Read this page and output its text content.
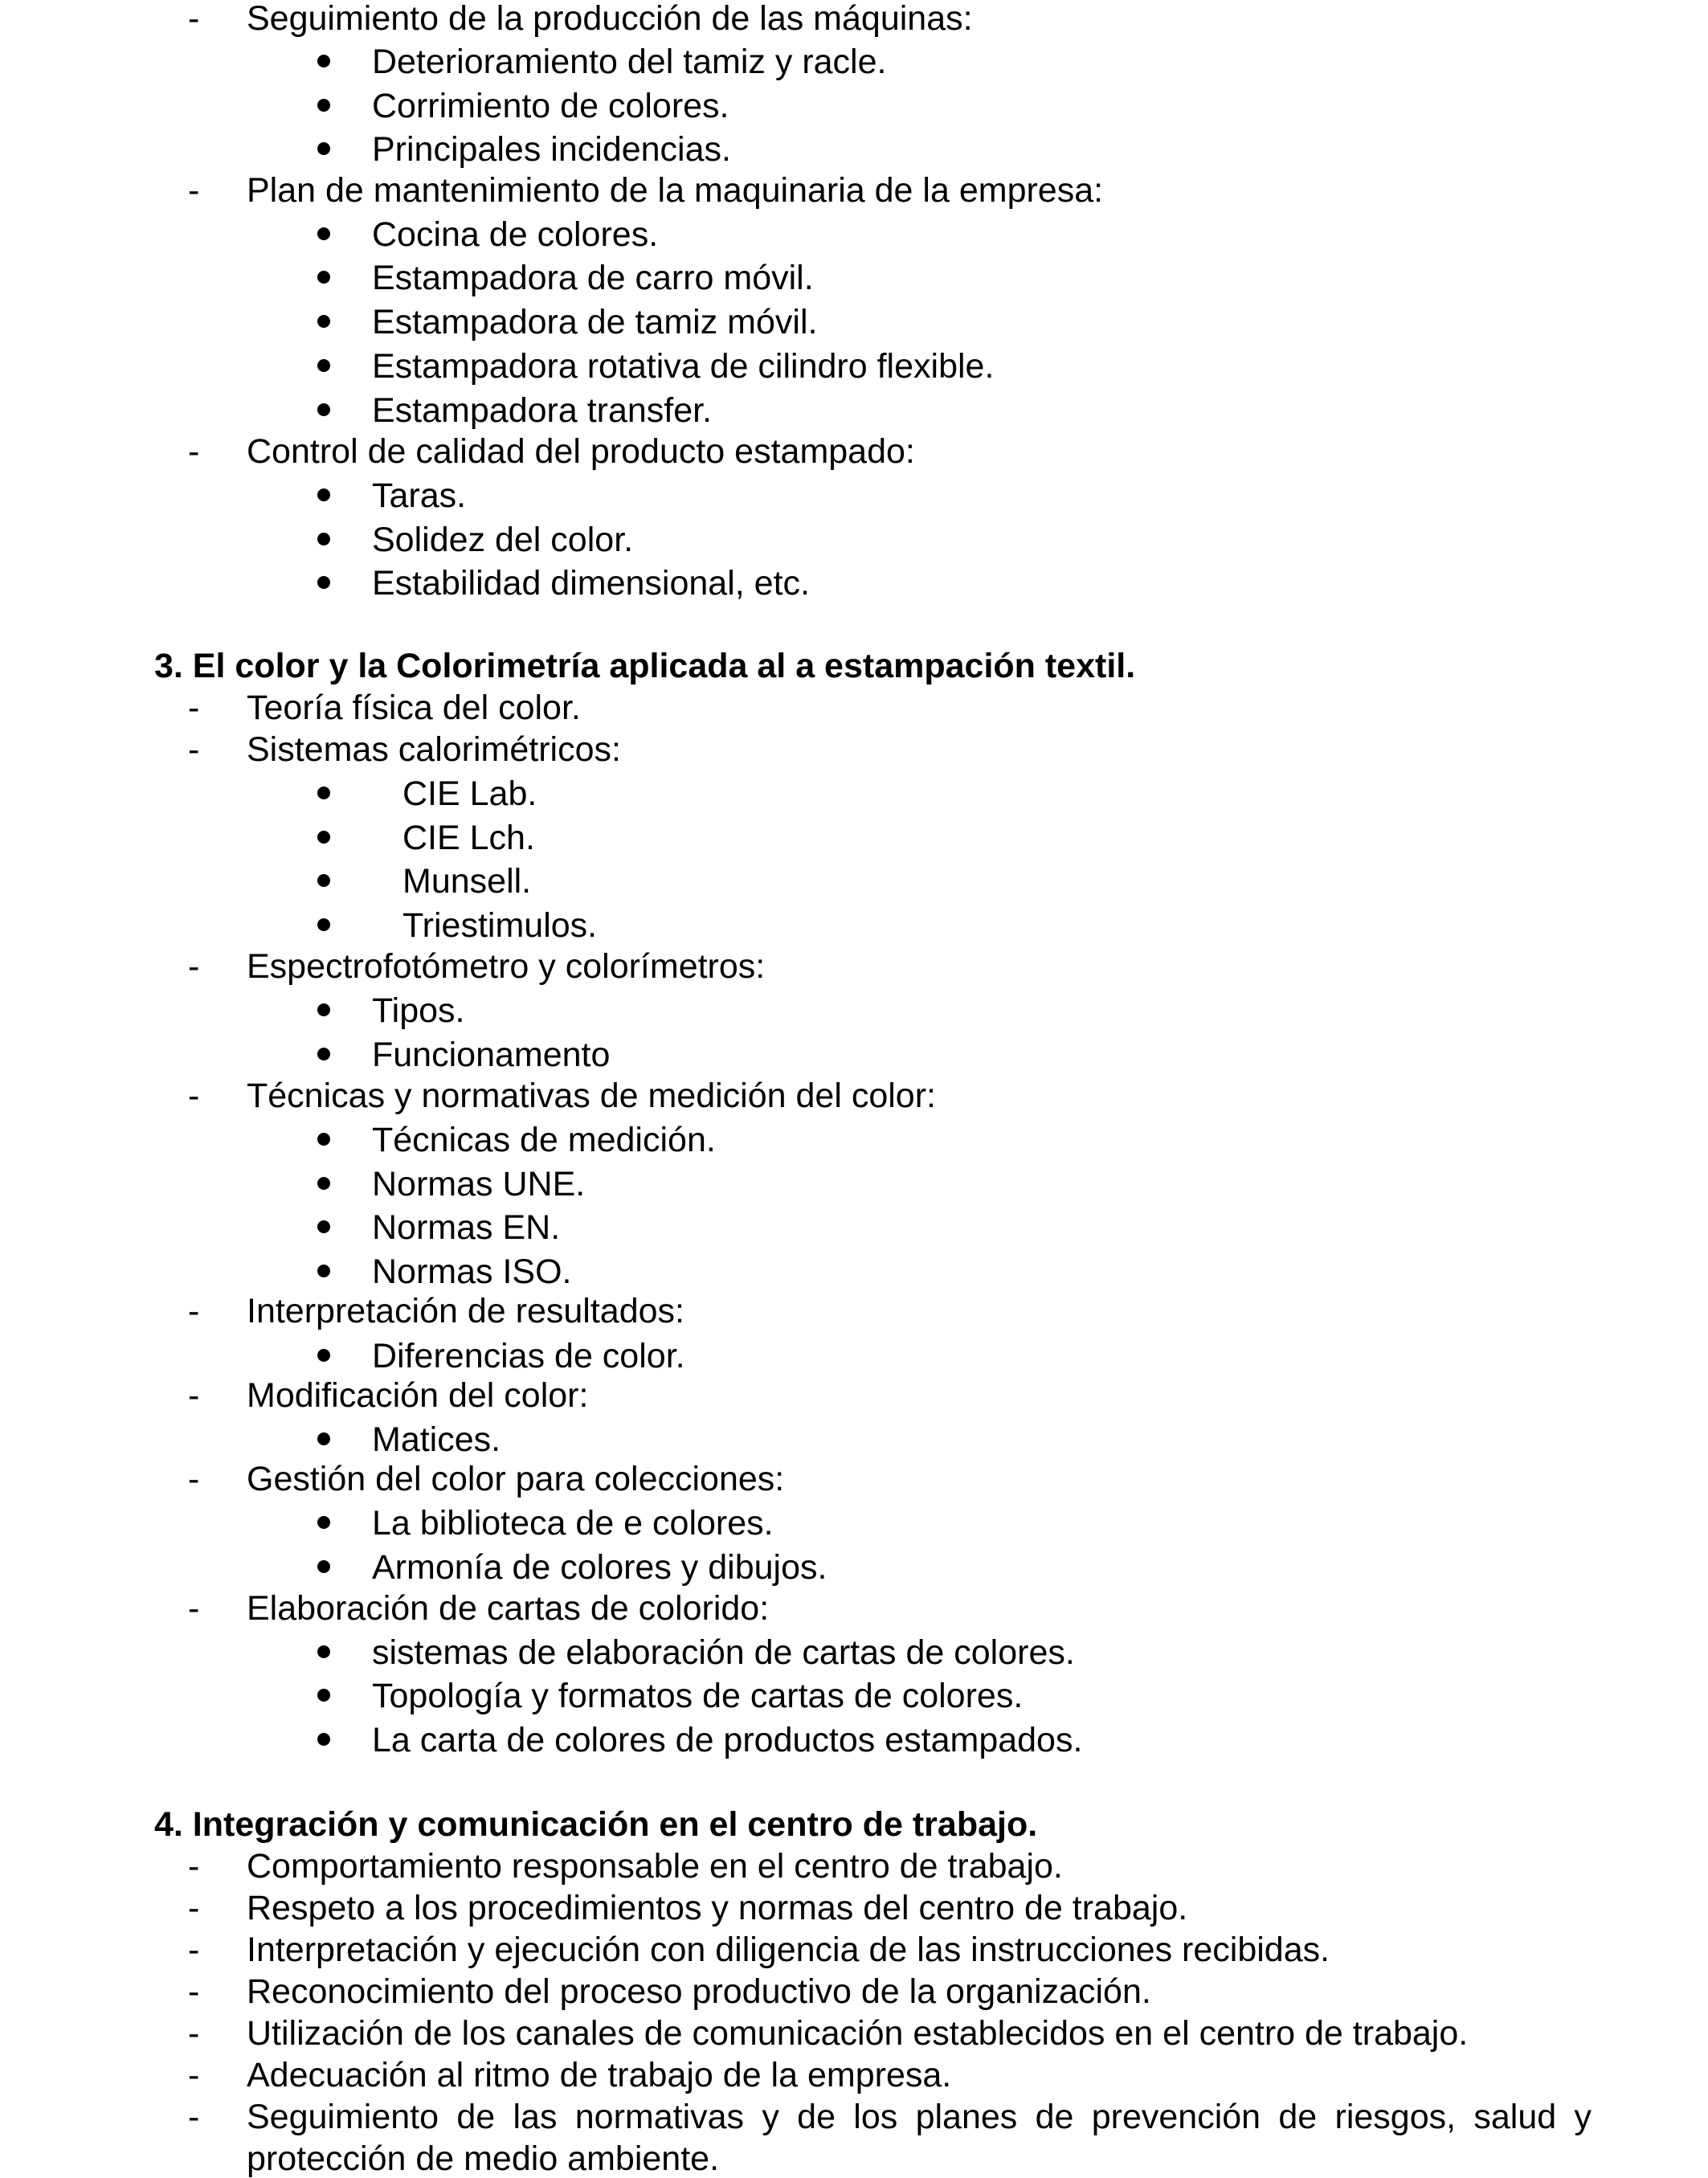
- Seguimiento de la producción de las máquinas:
Deterioramiento del tamiz y racle.
Corrimiento de colores.
Principales incidencias.
- Plan de mantenimiento de la maquinaria de la empresa:
Cocina de colores.
Estampadora de carro móvil.
Estampadora de tamiz móvil.
Estampadora rotativa de cilindro flexible.
Estampadora transfer.
- Control de calidad del producto estampado:
Taras.
Solidez del color.
Estabilidad dimensional, etc.
3. El color y la Colorimetría aplicada al a estampación textil.
- Teoría física del color.
- Sistemas calorimétricos:
CIE Lab.
CIE Lch.
Munsell.
Triestimulos.
- Espectrofotómetro y colorímetros:
Tipos.
Funcionamento
- Técnicas y normativas de medición del color:
Técnicas de medición.
Normas UNE.
Normas EN.
Normas ISO.
- Interpretación de resultados:
Diferencias de color.
- Modificación del color:
Matices.
- Gestión del color para colecciones:
La biblioteca de e colores.
Armonía de colores y dibujos.
- Elaboración de cartas de colorido:
sistemas de elaboración de cartas de colores.
Topología y formatos de cartas de colores.
La carta de colores de productos estampados.
4. Integración y comunicación en el centro de trabajo.
- Comportamiento responsable en el centro de trabajo.
- Respeto a los procedimientos y normas del centro de trabajo.
- Interpretación y ejecución con diligencia de las instrucciones recibidas.
- Reconocimiento del proceso productivo de la organización.
- Utilización de los canales de comunicación establecidos en el centro de trabajo.
- Adecuación al ritmo de trabajo de la empresa.
- Seguimiento de las normativas y de los planes de prevención de riesgos, salud y
protección de medio ambiente.
